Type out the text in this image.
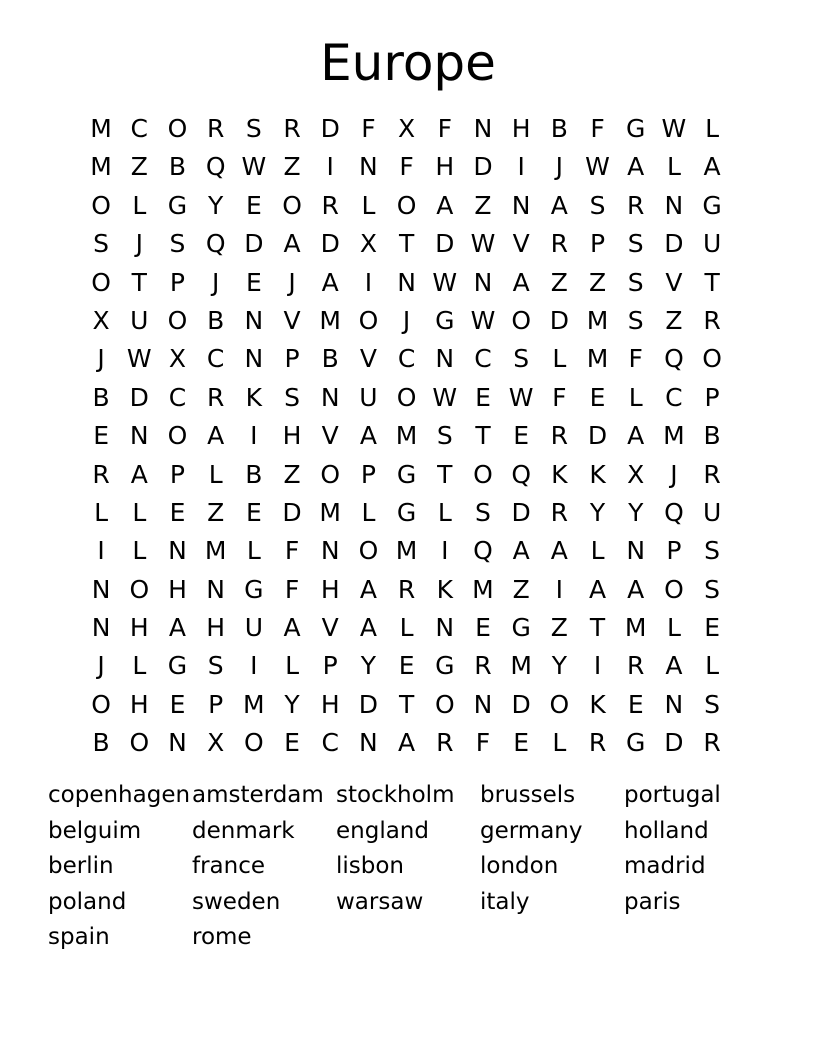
Europe
M C O R S R D F X F N H B F G W L
M Z B Q W Z	I	N F H D I	J W A L A
O L G Y E O R L O A Z N A S R N G
S	J	S Q D A D X T D W V R P S D U
O T P	J	E	J	A	I	N W N A Z Z S V T
X U O B N V M O J G W O D M S Z R
J W X C N P B V C N C S L M F Q O
B D C R K S N U O W E W F E L C P
E N O A	I	H V A M S T E R D A M B
R A P L B Z O P G T O Q K K X	J	R
L L E Z E D M L G L S D R Y Y Q U
I	L N M L F N O M I Q A A L N P S
N O H N G F H A R K M Z	I	A A O S
N H A H U A V A L N E G Z T M L E
J	L G S	I	L P Y E G R M Y	I	R A L
O H E P M Y H D T O N D O K E N S
B O N X O E C N A R F E L R G D R
copenhagen amsterdam stockholm	brussels	portugal
belguim	denmark	england	germany	holland
berlin	france	lisbon	london	madrid
poland	sweden	warsaw	italy	paris
spain	rome
